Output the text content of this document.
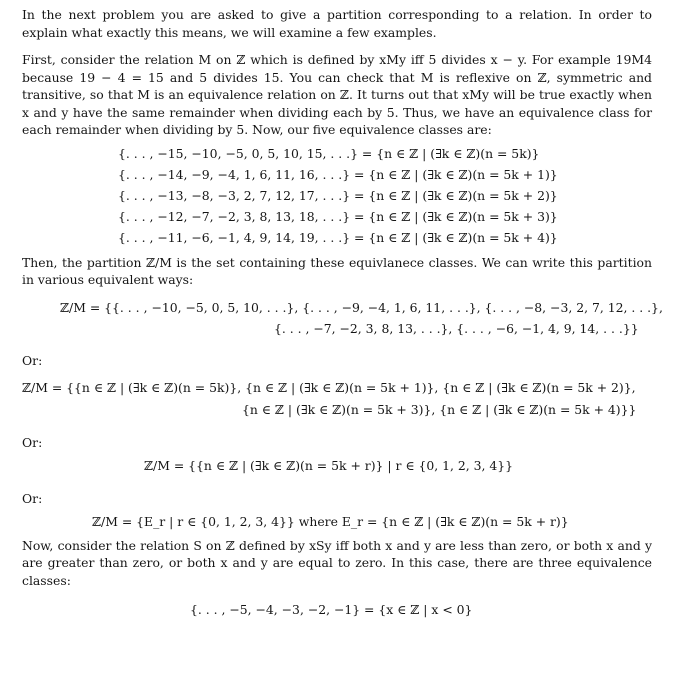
In the next problem you are asked to give a partition corresponding to a relation. In order to explain what exactly this means, we will examine a few examples.

First, consider the relation M on ℤ which is defined by xMy iff 5 divides x − y. For example 19M4 because 19 − 4 = 15 and 5 divides 15. You can check that M is reflexive on ℤ, symmetric and transitive, so that M is an equivalence relation on ℤ. It turns out that xMy will be true exactly when x and y have the same remainder when dividing each by 5. Thus, we have an equivalence class for each remainder when dividing by 5. Now, our five equivalence classes are:

{. . . , −15, −10, −5, 0, 5, 10, 15, . . .} = {n ∈ ℤ | (∃k ∈ ℤ)(n = 5k)}
{. . . , −14, −9, −4, 1, 6, 11, 16, . . .} = {n ∈ ℤ | (∃k ∈ ℤ)(n = 5k + 1)}
{. . . , −13, −8, −3, 2, 7, 12, 17, . . .} = {n ∈ ℤ | (∃k ∈ ℤ)(n = 5k + 2)}
{. . . , −12, −7, −2, 3, 8, 13, 18, . . .} = {n ∈ ℤ | (∃k ∈ ℤ)(n = 5k + 3)}
{. . . , −11, −6, −1, 4, 9, 14, 19, . . .} = {n ∈ ℤ | (∃k ∈ ℤ)(n = 5k + 4)}

Then, the partition ℤ/M is the set containing these equivlanece classes. We can write this partition in various equivalent ways:

ℤ/M = {{. . . , −10, −5, 0, 5, 10, . . .}, {. . . , −9, −4, 1, 6, 11, . . .}, {. . . , −8, −3, 2, 7, 12, . . .},
{. . . , −7, −2, 3, 8, 13, . . .}, {. . . , −6, −1, 4, 9, 14, . . .}}
Or:
ℤ/M = {{n ∈ ℤ | (∃k ∈ ℤ)(n = 5k)}, {n ∈ ℤ | (∃k ∈ ℤ)(n = 5k + 1)}, {n ∈ ℤ | (∃k ∈ ℤ)(n = 5k + 2)},
{n ∈ ℤ | (∃k ∈ ℤ)(n = 5k + 3)}, {n ∈ ℤ | (∃k ∈ ℤ)(n = 5k + 4)}}
Or:
ℤ/M = {{n ∈ ℤ | (∃k ∈ ℤ)(n = 5k + r)} | r ∈ {0, 1, 2, 3, 4}}
Or:
ℤ/M = {E_r | r ∈ {0, 1, 2, 3, 4}} where E_r = {n ∈ ℤ | (∃k ∈ ℤ)(n = 5k + r)}

Now, consider the relation S on ℤ defined by xSy iff both x and y are less than zero, or both x and y are greater than zero, or both x and y are equal to zero. In this case, there are three equivalence classes:

{. . . , −5, −4, −3, −2, −1} = {x ∈ ℤ | x < 0}
